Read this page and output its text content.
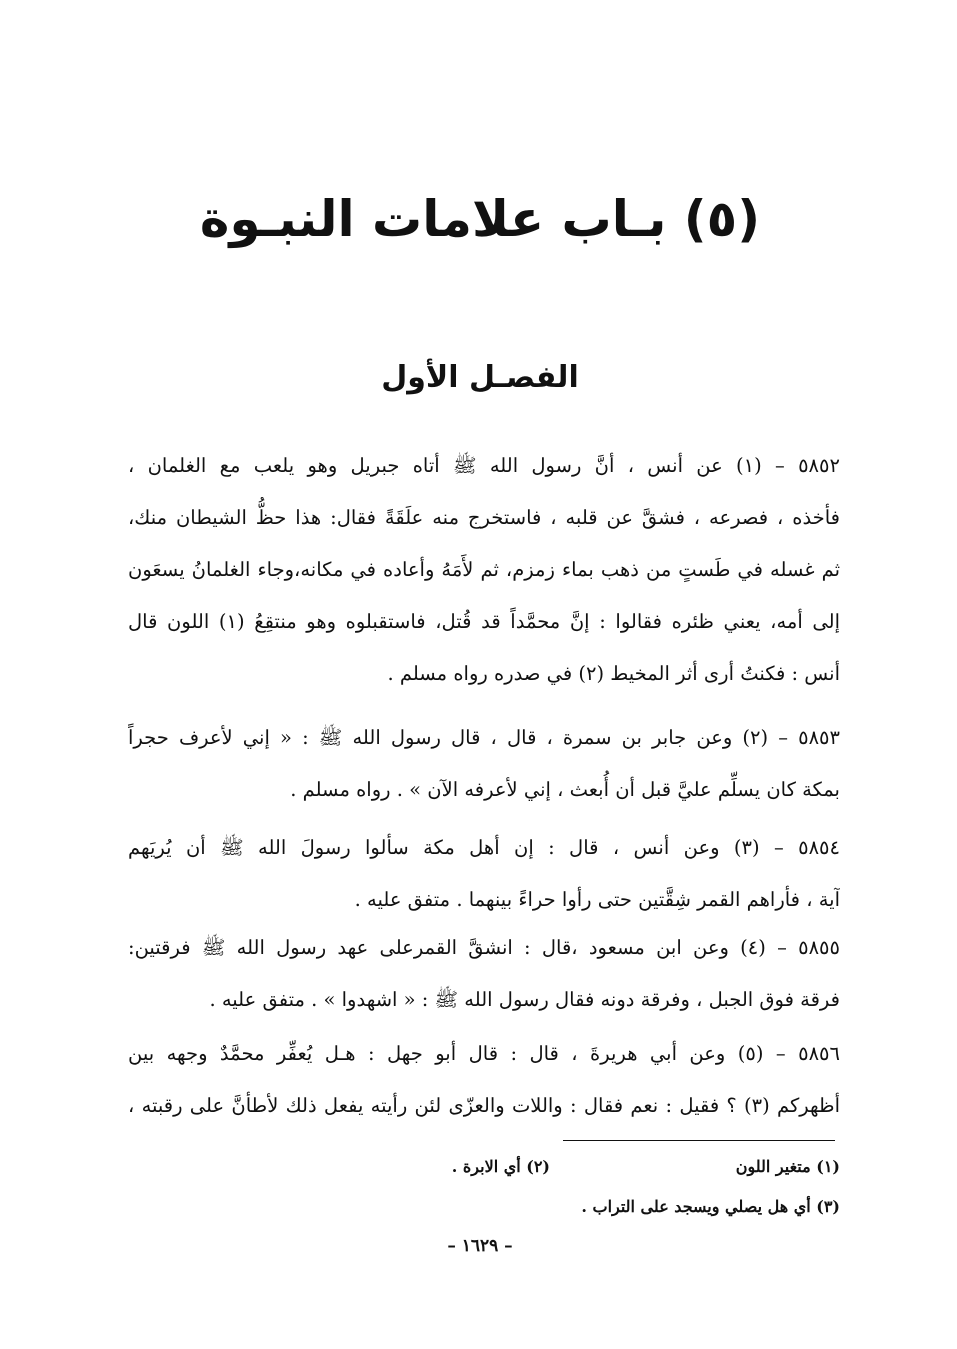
(٥) بـاب علامات النبـوة
الفصـل الأول
٥٨٥٢ – (١) عن أنس ، أنَّ رسول الله ﷺ أتاه جبريل وهو يلعب مع الغلمان ،
فأخذه ، فصرعه ، فشقَّ عن قلبه ، فاستخرج منه علَقَةً فقال: هذا حظُّ الشيطان منك،
ثم غسله في طَستٍ من ذهب بماء زمزم، ثم لأَمَهُ وأعاده في مكانه،وجاء الغلمانُ يسعَون
إلى أمه، يعني ظئره فقالوا : إنَّ محمَّداً قد قُتل، فاستقبلوه وهو منتقِعُ (١) اللون قال
أنس : فكنتُ أرى أثر المخيط (٢) في صدره رواه مسلم .
٥٨٥٣ – (٢) وعن جابر بن سمرة ، قال ، قال رسول الله ﷺ : « إني لأعرف حجراً
بمكة كان يسلِّم عليَّ قبل أن أُبعث ، إني لأعرفه الآن » . رواه مسلم .
٥٨٥٤ – (٣) وعن أنس ، قال : إن أهل مكة سألوا رسولَ الله ﷺ أن يُريَهم
آية ، فأراهم القمر شِقَّتين حتى رأوا حراءً بينهما . متفق عليه .
٥٨٥٥ – (٤) وعن ابن مسعود ،قال : انشقَّ القمرعلى عهد رسول الله ﷺ فرقتين:
فرقة فوق الجبل ، وفرقة دونه فقال رسول الله ﷺ : « اشهدوا » . متفق عليه .
٥٨٥٦ – (٥) وعن أبي هريرةَ ، قال : قال أبو جهل : هـل يُعفِّر محمَّدٌ وجهه بين
أظهركم (٣) ؟ فقيل : نعم فقال : واللات والعزّى لئن رأيته يفعل ذلك لأطأنَّ على رقبته ،
(١) متغير اللون
(٢) أي الابرة .
(٣) أي هل يصلي ويسجد على التراب .
– ١٦٢٩ –
